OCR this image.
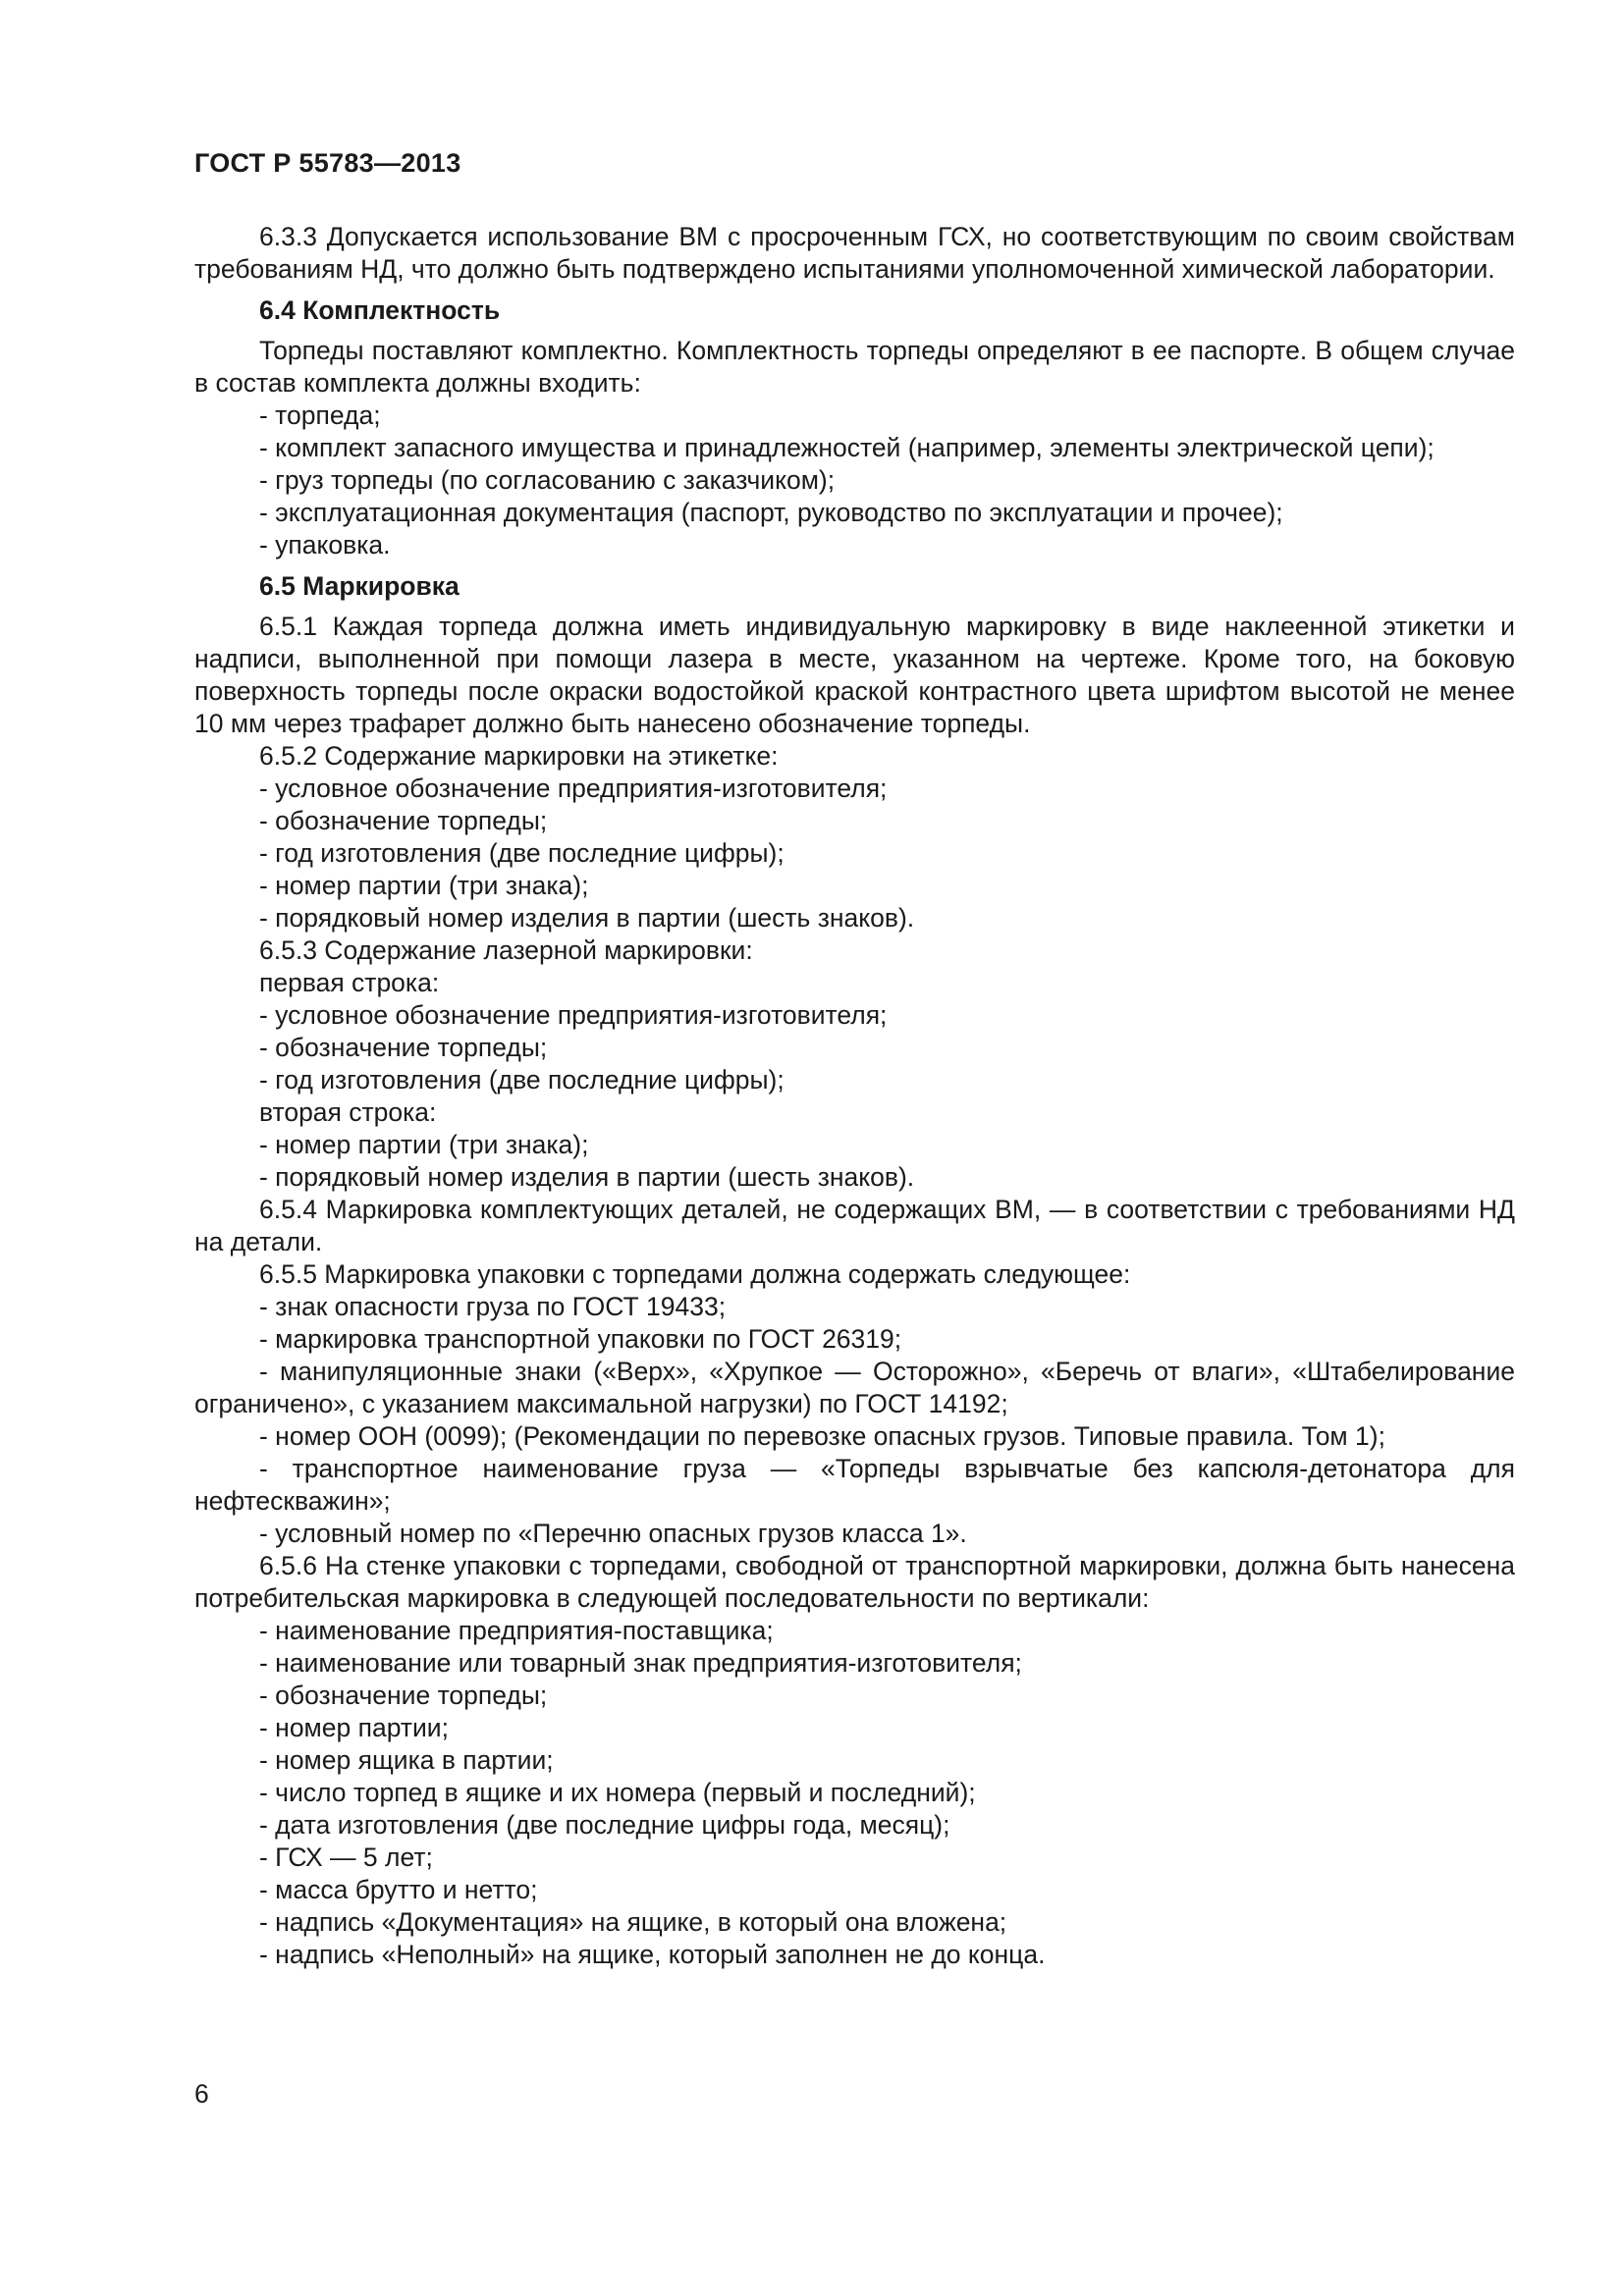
ГОСТ Р 55783—2013

6.3.3 Допускается использование ВМ с просроченным ГСХ, но соответствующим по своим свойствам требованиям НД, что должно быть подтверждено испытаниями уполномоченной химической лаборатории.

6.4 Комплектность

Торпеды поставляют комплектно. Комплектность торпеды определяют в ее паспорте. В общем случае в состав комплекта должны входить:

- торпеда;
- комплект запасного имущества и принадлежностей (например, элементы электрической цепи);
- груз торпеды (по согласованию с заказчиком);
- эксплуатационная документация (паспорт, руководство по эксплуатации и прочее);
- упаковка.
6.5 Маркировка

6.5.1 Каждая торпеда должна иметь индивидуальную маркировку в виде наклеенной этикетки и надписи, выполненной при помощи лазера в месте, указанном на чертеже. Кроме того, на боковую поверхность торпеды после окраски водостойкой краской контрастного цвета шрифтом высотой не менее 10 мм через трафарет должно быть нанесено обозначение торпеды.

6.5.2 Содержание маркировки на этикетке:
- условное обозначение предприятия-изготовителя;
- обозначение торпеды;
- год изготовления (две последние цифры);
- номер партии (три знака);
- порядковый номер изделия в партии (шесть знаков).
6.5.3 Содержание лазерной маркировки:
первая строка:
- условное обозначение предприятия-изготовителя;
- обозначение торпеды;
- год изготовления (две последние цифры);
вторая строка:
- номер партии (три знака);
- порядковый номер изделия в партии (шесть знаков).

6.5.4 Маркировка комплектующих деталей, не содержащих ВМ, — в соответствии с требованиями НД на детали.

6.5.5 Маркировка упаковки с торпедами должна содержать следующее:
- знак опасности груза по ГОСТ 19433;
- маркировка транспортной упаковки по ГОСТ 26319;

- манипуляционные знаки («Верх», «Хрупкое — Осторожно», «Беречь от влаги», «Штабелирование ограничено», с указанием максимальной нагрузки) по ГОСТ 14192;

- номер ООН (0099); (Рекомендации по перевозке опасных грузов. Типовые правила. Том 1);

- транспортное наименование груза — «Торпеды взрывчатые без капсюля-детонатора для нефтескважин»;

- условный номер по «Перечню опасных грузов класса 1».

6.5.6 На стенке упаковки с торпедами, свободной от транспортной маркировки, должна быть нанесена потребительская маркировка в следующей последовательности по вертикали:

- наименование предприятия-поставщика;
- наименование или товарный знак предприятия-изготовителя;
- обозначение торпеды;
- номер партии;
- номер ящика в партии;
- число торпед в ящике и их номера (первый и последний);
- дата изготовления (две последние цифры года, месяц);
- ГСХ — 5 лет;
- масса брутто и нетто;
- надпись «Документация» на ящике, в который она вложена;
- надпись «Неполный» на ящике, который заполнен не до конца.
6
